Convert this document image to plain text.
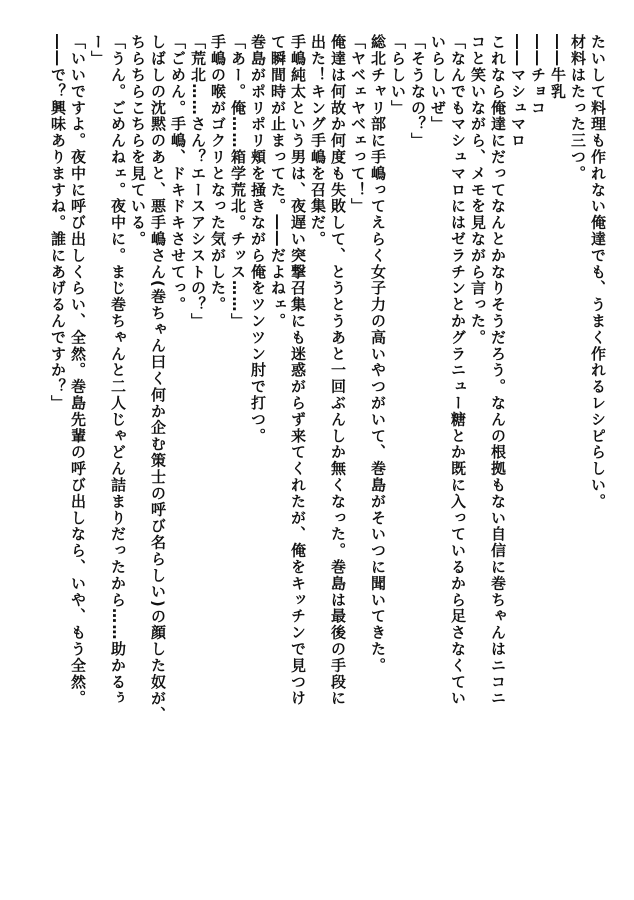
たいして料理も作れない俺達でも、うまく作れるレシピらしい。

材料はたった三つ。

――牛乳

――チョコ

――マシュマロ

これなら俺達にだってなんとかなりそうだろう。なんの根拠もない自信に巻ちゃんはニコニ

コと笑いながら、メモを見ながら言った。

「なんでもマシュマロにはゼラチンとかグラニュー糖とか既に入っているから足さなくてい

いらしいぜ」

「そうなの？」

「らしい」

総北チャリ部に手嶋ってえらく女子力の高いやつがいて、巻島がそいつに聞いてきた。

「ヤベェヤベェって！」

俺達は何故か何度も失敗して、とうとうあと一回ぶんしか無くなった。巻島は最後の手段に

出た！キング手嶋を召集だ。

手嶋純太という男は、夜遅い突撃召集にも迷惑がらず来てくれたが、俺をキッチンで見つけ

て瞬間時が止まってた。――だよねェ。

巻島がポリポリ頬を掻きながら俺をツンツン肘で打つ。

「あー。俺……箱学荒北。チッス……」

手嶋の喉がゴクリとなった気がした。

「荒北……さん？エースアシストの？」

「ごめん。手嶋、ドキドキさせてっ。

しばしの沈黙のあと、悪手嶋さん(巻ちゃん曰く何か企む策士の呼び名らしい)の顔した奴が、

ちらちらこちらを見ている。

「うん。ごめんねェ。夜中に。まじ巻ちゃんと二人じゃどん詰まりだったから……助かるぅ

ー」

「いいですよ。夜中に呼び出しくらい、全然。巻島先輩の呼び出しなら、いや、もう全然。

――で？興味ありますね。誰にあげるんですか？」
